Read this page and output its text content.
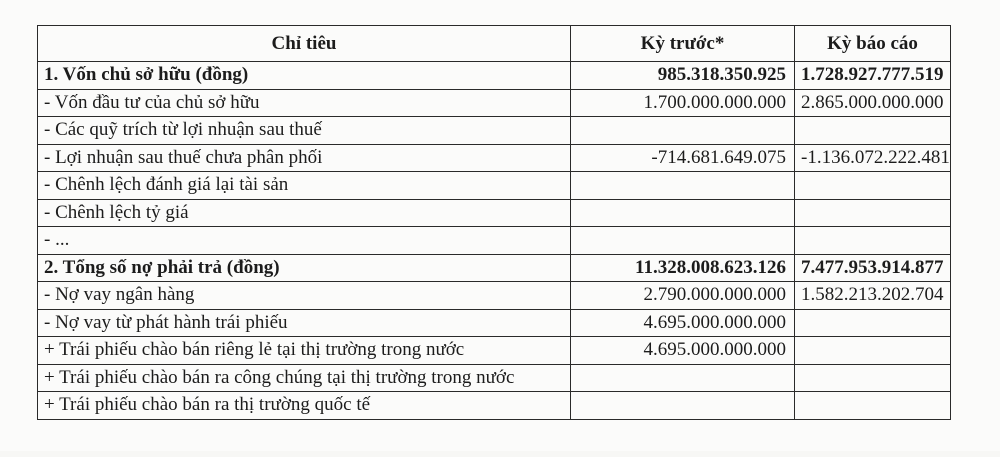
Chỉ tiêu	Kỳ trước*	Kỳ báo cáo
1. Vốn chủ sở hữu (đồng)	985.318.350.925	1.728.927.777.519
- Vốn đầu tư của chủ sở hữu	1.700.000.000.000	2.865.000.000.000
- Các quỹ trích từ lợi nhuận sau thuế		
- Lợi nhuận sau thuế chưa phân phối	-714.681.649.075	-1.136.072.222.481
- Chênh lệch đánh giá lại tài sản		
- Chênh lệch tỷ giá		
- ...		
2. Tổng số nợ phải trả (đồng)	11.328.008.623.126	7.477.953.914.877
- Nợ vay ngân hàng	2.790.000.000.000	1.582.213.202.704
- Nợ vay từ phát hành trái phiếu	4.695.000.000.000	
+ Trái phiếu chào bán riêng lẻ tại thị trường trong nước	4.695.000.000.000	
+ Trái phiếu chào bán ra công chúng tại thị trường trong nước		
+ Trái phiếu chào bán ra thị trường quốc tế		
